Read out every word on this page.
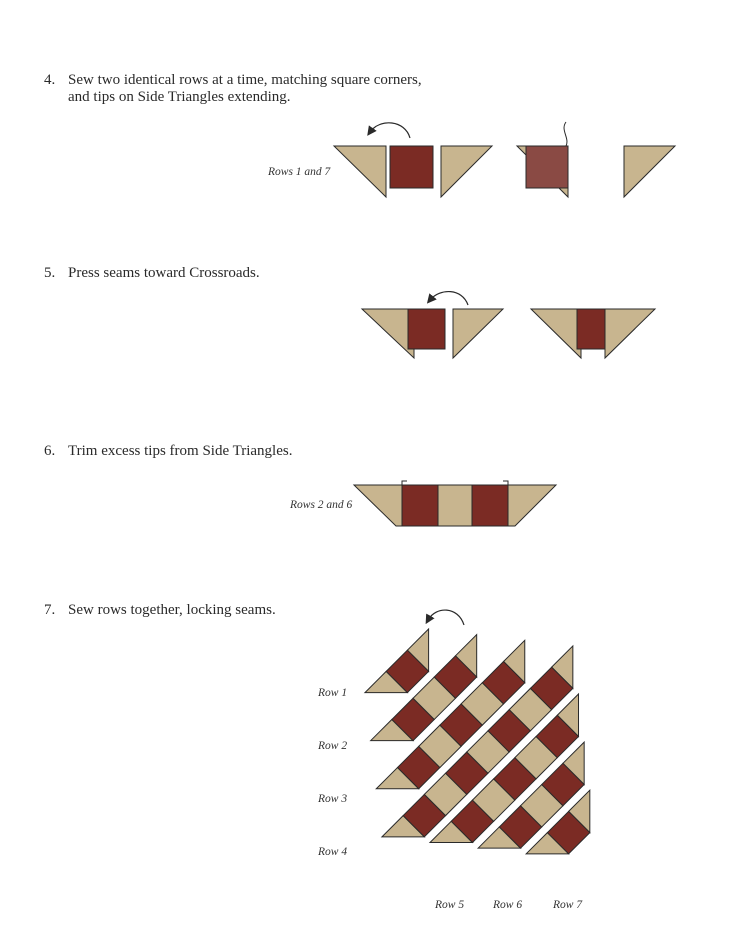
4. Sew two identical rows at a time, matching square corners,
and tips on Side Triangles extending.
5. Press seams toward Crossroads.
6. Trim excess tips from Side Triangles.
7. Sew rows together, locking seams.
Rows 1 and 7
Rows 2 and 6
Row 1
Row 2
Row 3
Row 4
Row 5	Row 6	Row 7
